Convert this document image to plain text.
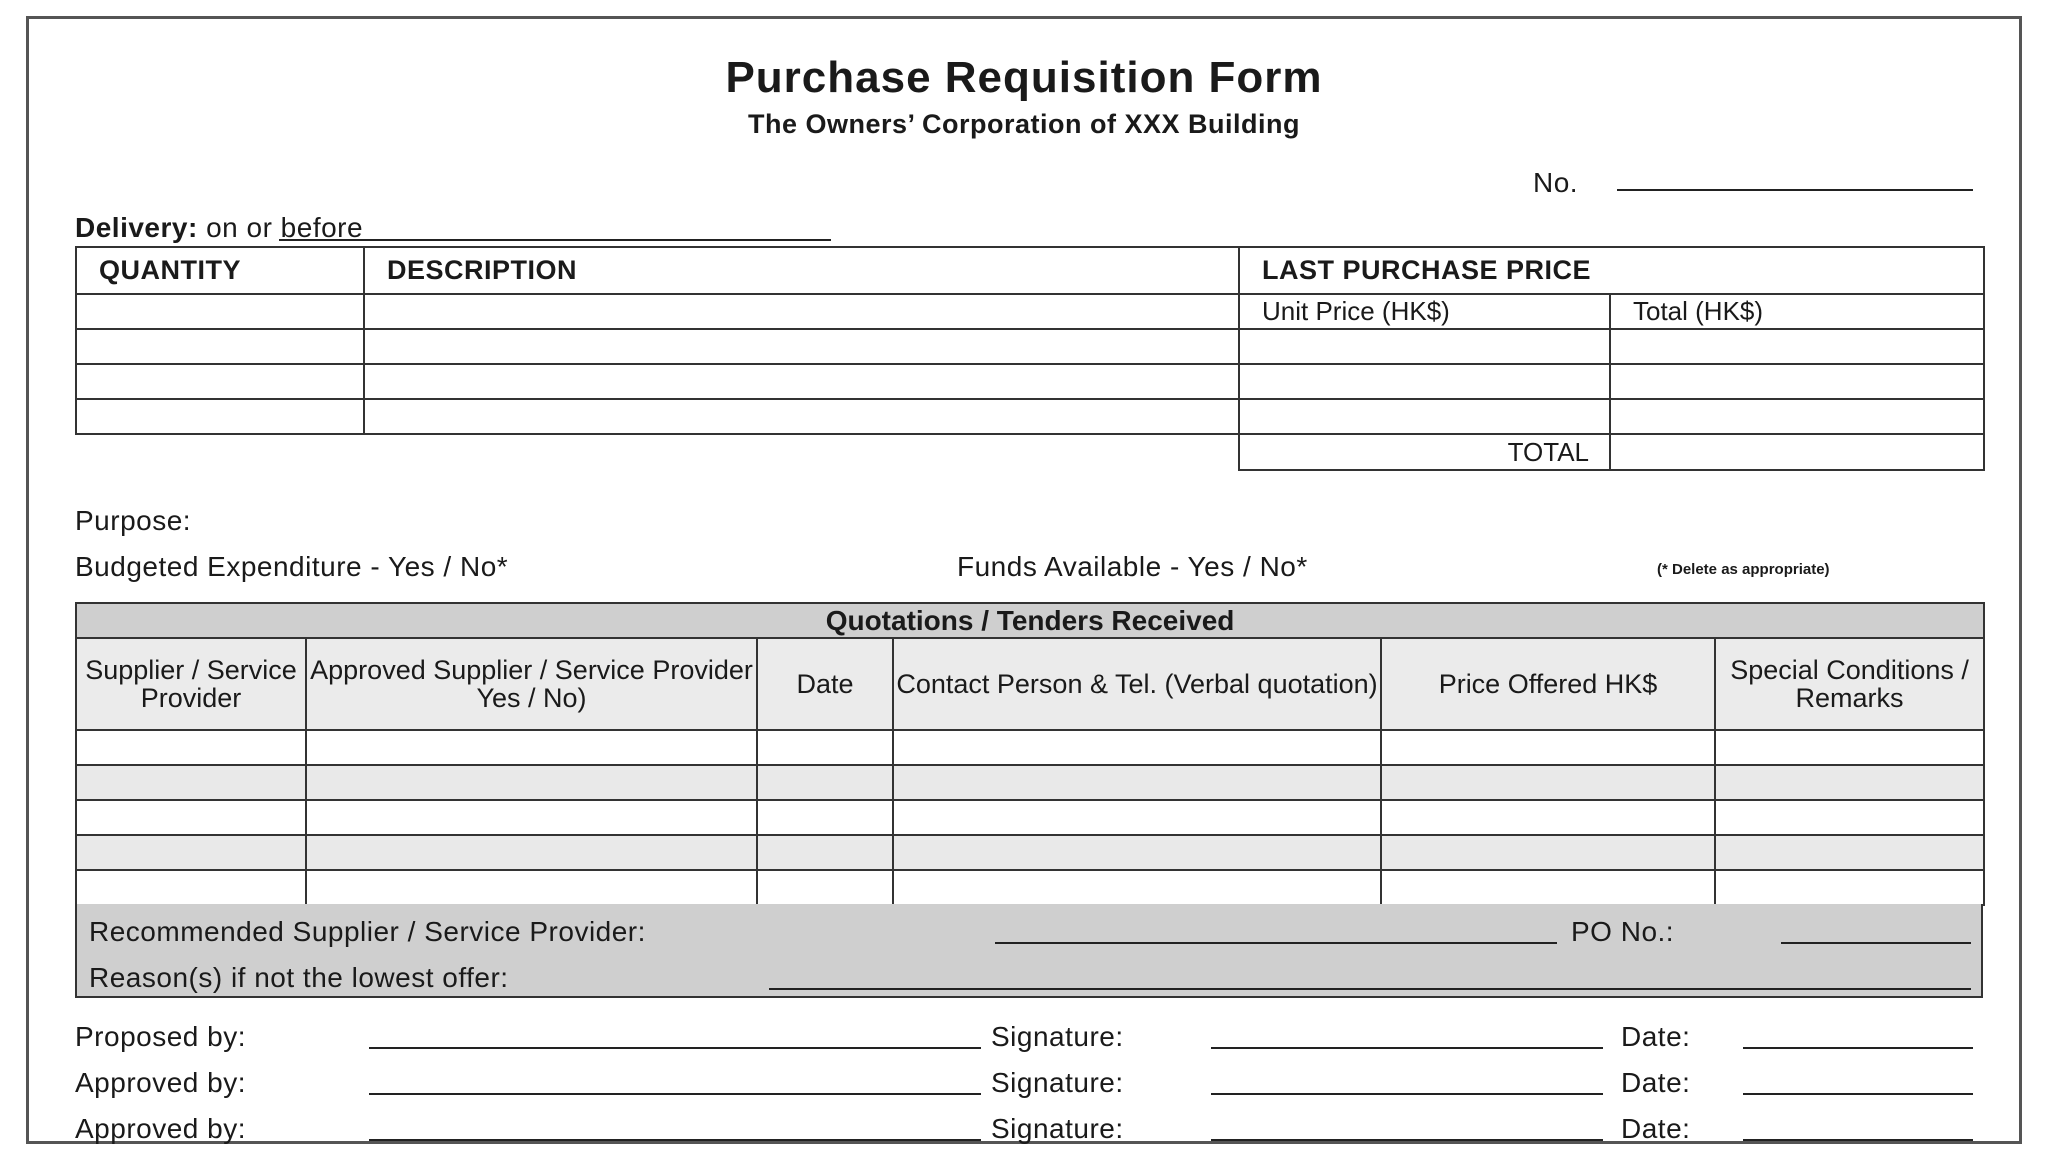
Purchase Requisition Form
The Owners’ Corporation of XXX Building
No.
Delivery: on or before
QUANTITY	DESCRIPTION	LAST PURCHASE PRICE	
		Unit Price (HK$)	Total (HK$)

		TOTAL	
Purpose:
Budgeted Expenditure - Yes / No*	Funds Available - Yes / No*	(* Delete as appropriate)
Quotations / Tenders Received					
Supplier / Service Provider	Approved Supplier / Service Provider Yes / No)	Date	Contact Person & Tel. (Verbal quotation)	Price Offered HK$	Special Conditions / Remarks

Recommended Supplier / Service Provider:	PO No.:
Reason(s) if not the lowest offer:
Proposed by:	Signature:	Date:
Approved by:	Signature:	Date:
Approved by:	Signature:	Date:
